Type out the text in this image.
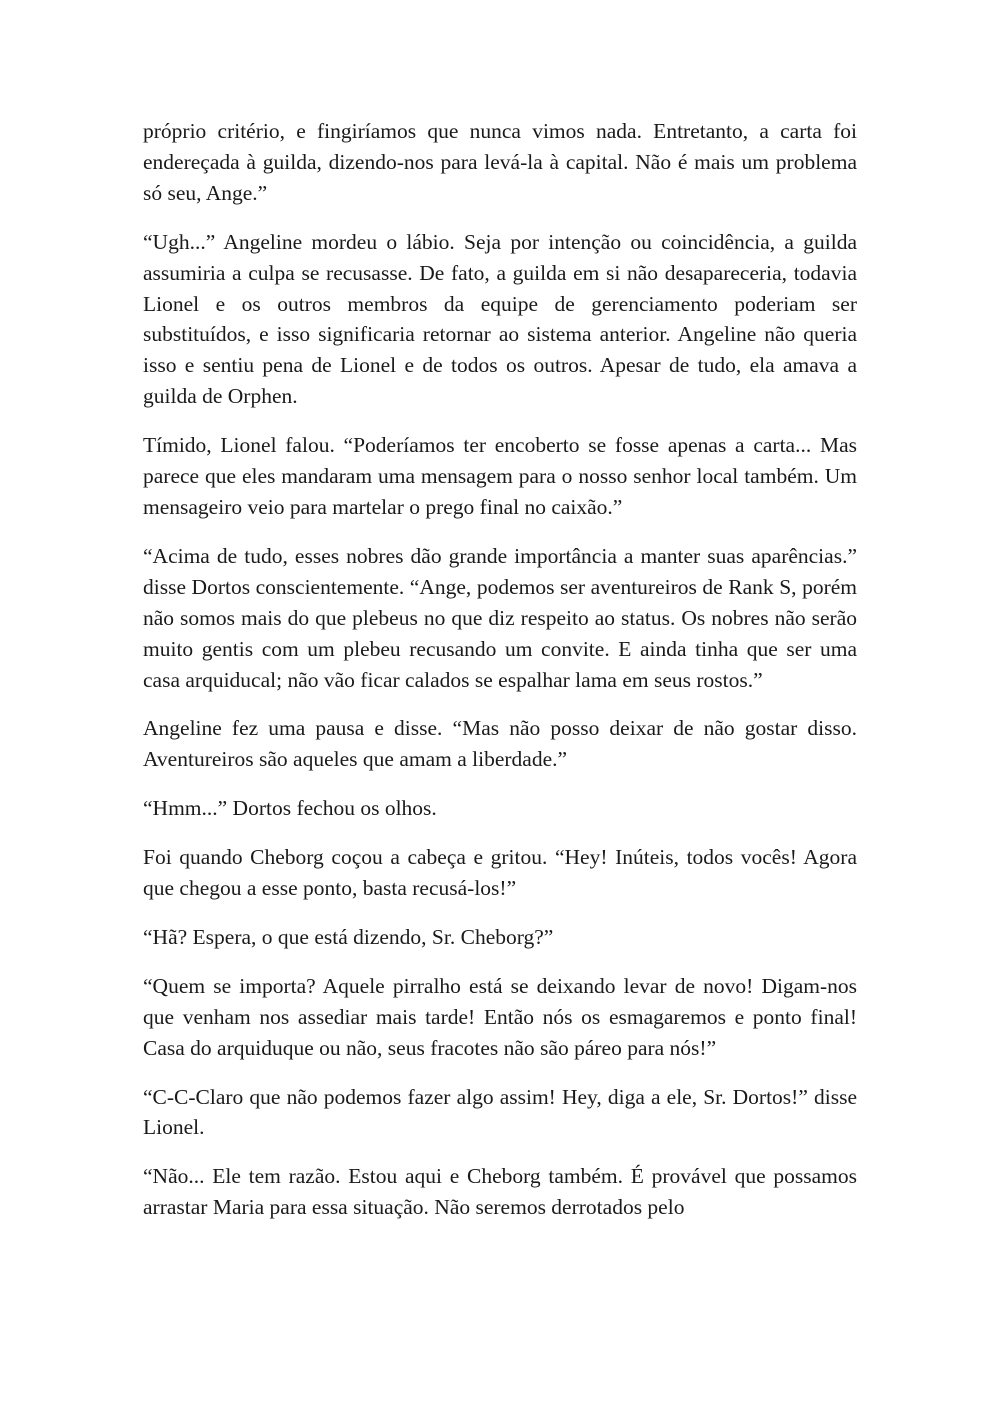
próprio critério, e fingiríamos que nunca vimos nada. Entretanto, a carta foi endereçada à guilda, dizendo-nos para levá-la à capital. Não é mais um problema só seu, Ange.”

“Ugh...” Angeline mordeu o lábio. Seja por intenção ou coincidência, a guilda assumiria a culpa se recusasse. De fato, a guilda em si não desapareceria, todavia Lionel e os outros membros da equipe de gerenciamento poderiam ser substituídos, e isso significaria retornar ao sistema anterior. Angeline não queria isso e sentiu pena de Lionel e de todos os outros. Apesar de tudo, ela amava a guilda de Orphen.

Tímido, Lionel falou. “Poderíamos ter encoberto se fosse apenas a carta... Mas parece que eles mandaram uma mensagem para o nosso senhor local também. Um mensageiro veio para martelar o prego final no caixão.”

“Acima de tudo, esses nobres dão grande importância a manter suas aparências.” disse Dortos conscientemente. “Ange, podemos ser aventureiros de Rank S, porém não somos mais do que plebeus no que diz respeito ao status. Os nobres não serão muito gentis com um plebeu recusando um convite. E ainda tinha que ser uma casa arquiducal; não vão ficar calados se espalhar lama em seus rostos.”

Angeline fez uma pausa e disse. “Mas não posso deixar de não gostar disso. Aventureiros são aqueles que amam a liberdade.”

“Hmm...” Dortos fechou os olhos.

Foi quando Cheborg coçou a cabeça e gritou. “Hey! Inúteis, todos vocês! Agora que chegou a esse ponto, basta recusá-los!”

“Hã? Espera, o que está dizendo, Sr. Cheborg?”

“Quem se importa? Aquele pirralho está se deixando levar de novo! Digam-nos que venham nos assediar mais tarde! Então nós os esmagaremos e ponto final! Casa do arquiduque ou não, seus fracotes não são páreo para nós!”

“C-C-Claro que não podemos fazer algo assim! Hey, diga a ele, Sr. Dortos!” disse Lionel.

“Não... Ele tem razão. Estou aqui e Cheborg também. É provável que possamos arrastar Maria para essa situação. Não seremos derrotados pelo
